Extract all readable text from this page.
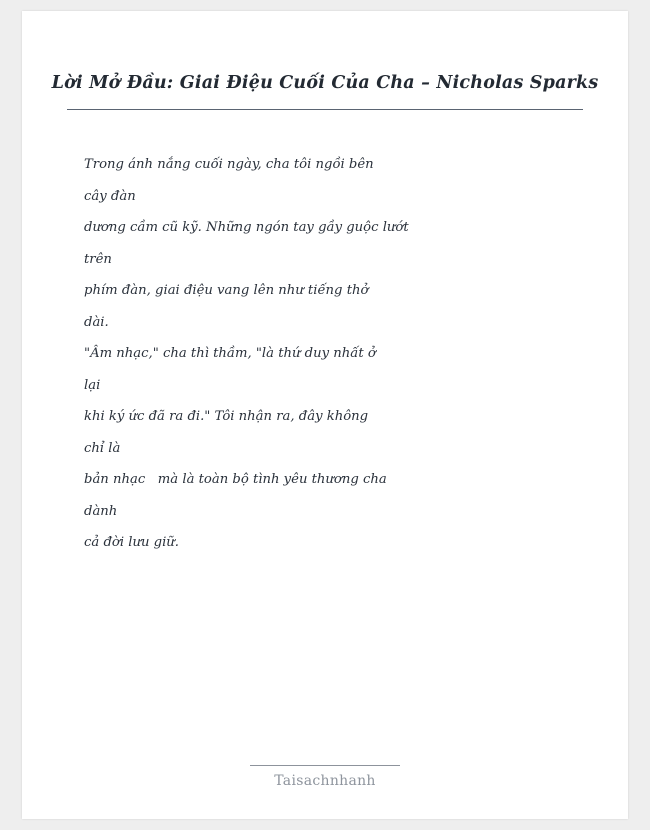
Lời Mở Đầu: Giai Điệu Cuối Của Cha – Nicholas Sparks
Trong ánh nắng cuối ngày, cha tôi ngồi bên
cây đàn
dương cầm cũ kỹ. Những ngón tay gầy guộc lướt
trên
phím đàn, giai điệu vang lên như tiếng thở
dài.
"Âm nhạc," cha thì thầm, "là thứ duy nhất ở
lại
khi ký ức đã ra đi." Tôi nhận ra, đây không
chỉ là
bản nhạc   mà là toàn bộ tình yêu thương cha
dành
cả đời lưu giữ.
Taisachnhanh
